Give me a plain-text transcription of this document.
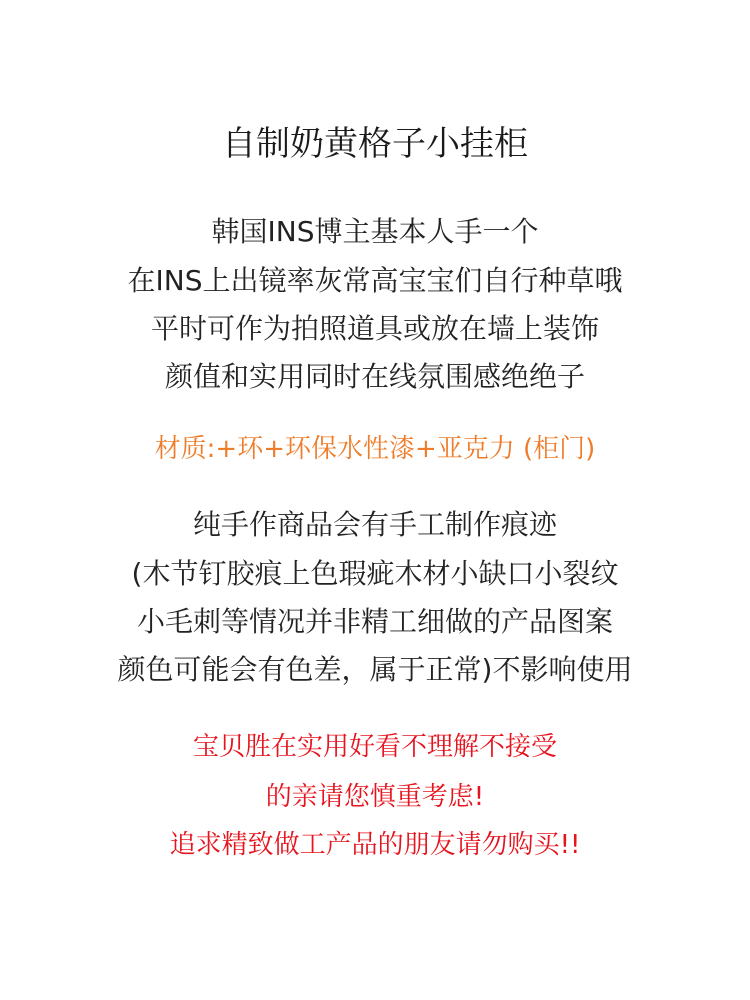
自制奶黄格子小挂柜
韩国INS博主基本人手一个
在INS上出镜率灰常高宝宝们自行种草哦
平时可作为拍照道具或放在墙上装饰
颜值和实用同时在线氛围感绝绝子
材质:+环+环保水性漆+亚克力 (柜门)
纯手作商品会有手工制作痕迹
(木节钉胶痕上色瑕疵木材小缺口小裂纹
小毛刺等情况并非精工细做的产品图案
颜色可能会有色差，属于正常)不影响使用
宝贝胜在实用好看不理解不接受
的亲请您慎重考虑!
追求精致做工产品的朋友请勿购买!!
